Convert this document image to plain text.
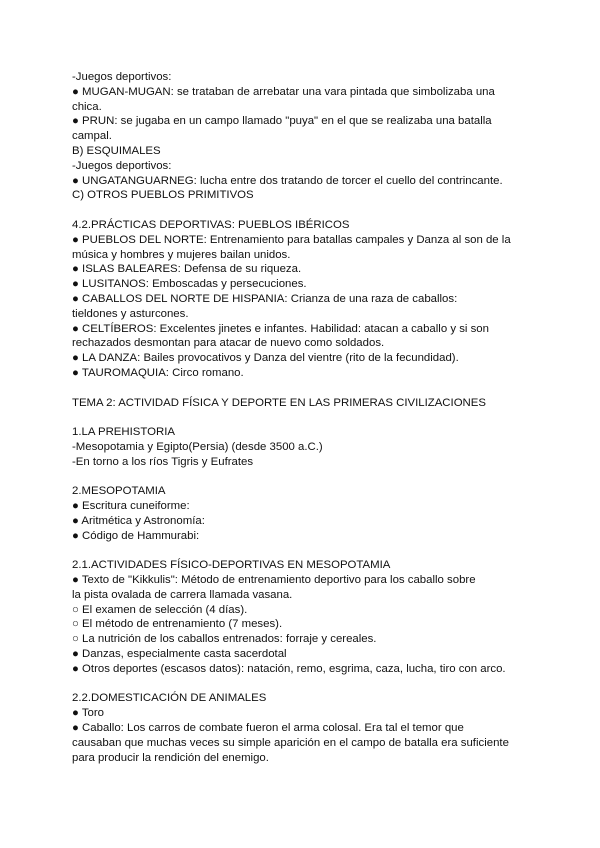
-Juegos deportivos:
● MUGAN-MUGAN: se trataban de arrebatar una vara pintada que simbolizaba una
chica.
● PRUN: se jugaba en un campo llamado "puya" en el que se realizaba una batalla
campal.
B) ESQUIMALES
-Juegos deportivos:
● UNGATANGUARNEG: lucha entre dos tratando de torcer el cuello del contrincante.
C) OTROS PUEBLOS PRIMITIVOS
4.2.PRÁCTICAS DEPORTIVAS: PUEBLOS IBÉRICOS
● PUEBLOS DEL NORTE: Entrenamiento para batallas campales y Danza al son de la
música y hombres y mujeres bailan unidos.
● ISLAS BALEARES: Defensa de su riqueza.
● LUSITANOS: Emboscadas y persecuciones.
● CABALLOS DEL NORTE DE HISPANIA: Crianza de una raza de caballos:
tieldones y asturcones.
● CELTÍBEROS: Excelentes jinetes e infantes. Habilidad: atacan a caballo y si son
rechazados desmontan para atacar de nuevo como soldados.
● LA DANZA: Bailes provocativos y Danza del vientre (rito de la fecundidad).
● TAUROMAQUIA: Circo romano.
TEMA 2: ACTIVIDAD FÍSICA Y DEPORTE EN LAS PRIMERAS CIVILIZACIONES
1.LA PREHISTORIA
-Mesopotamia y Egipto(Persia) (desde 3500 a.C.)
-En torno a los ríos Tigris y Eufrates
2.MESOPOTAMIA
● Escritura cuneiforme:
● Aritmética y Astronomía:
● Código de Hammurabi:
2.1.ACTIVIDADES FÍSICO-DEPORTIVAS EN MESOPOTAMIA
● Texto de "Kikkulis": Método de entrenamiento deportivo para los caballo sobre
la pista ovalada de carrera llamada vasana.
○ El examen de selección (4 días).
○ El método de entrenamiento (7 meses).
○ La nutrición de los caballos entrenados: forraje y cereales.
● Danzas, especialmente casta sacerdotal
● Otros deportes (escasos datos): natación, remo, esgrima, caza, lucha, tiro con arco.
2.2.DOMESTICACIÓN DE ANIMALES
● Toro
● Caballo: Los carros de combate fueron el arma colosal. Era tal el temor que
causaban que muchas veces su simple aparición en el campo de batalla era suficiente
para producir la rendición del enemigo.
